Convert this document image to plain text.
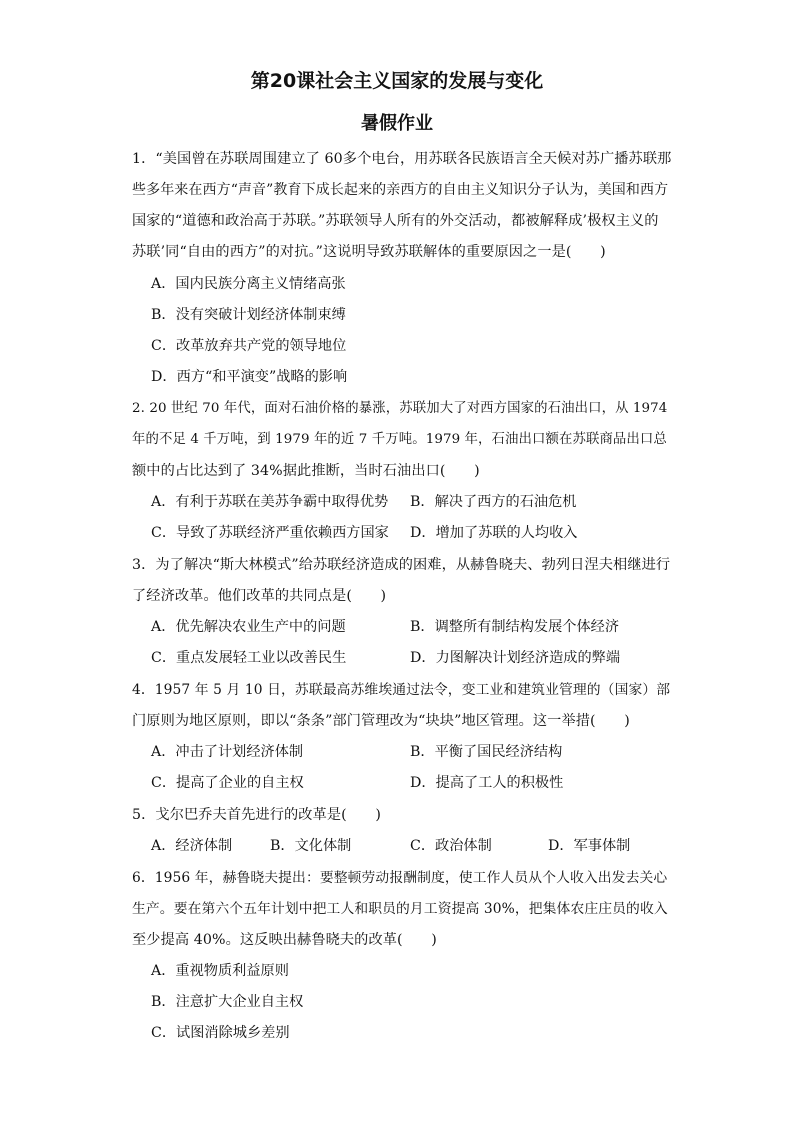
第20课社会主义国家的发展与变化
暑假作业
1．“美国曾在苏联周围建立了 60多个电台，用苏联各民族语言全天候对苏广播苏联那
些多年来在西方“声音”教育下成长起来的亲西方的自由主义知识分子认为，美国和西方
国家的“道德和政治高于苏联。”苏联领导人所有的外交活动，都被解释成’极权主义的
苏联’同“自由的西方”的对抗。”这说明导致苏联解体的重要原因之一是(　　)
A．国内民族分离主义情绪高张
B．没有突破计划经济体制束缚
C．改革放弃共产党的领导地位
D．西方“和平演变”战略的影响
2. 20 世纪 70 年代，面对石油价格的暴涨，苏联加大了对西方国家的石油出口，从 1974
年的不足 4 千万吨，到 1979 年的近 7 千万吨。1979 年，石油出口额在苏联商品出口总
额中的占比达到了 34%据此推断，当时石油出口(　　)
A．有利于苏联在美苏争霸中取得优势 B．解决了西方的石油危机
C．导致了苏联经济严重依赖西方国家 D．增加了苏联的人均收入
3．为了解决“斯大林模式”给苏联经济造成的困难，从赫鲁晓夫、勃列日涅夫相继进行
了经济改革。他们改革的共同点是(　　)
A．优先解决农业生产中的问题	B．调整所有制结构发展个体经济
C．重点发展轻工业以改善民生	D．力图解决计划经济造成的弊端
4．1957 年 5 月 10 日，苏联最高苏维埃通过法令，变工业和建筑业管理的（国家）部
门原则为地区原则，即以“条条”部门管理改为“块块”地区管理。这一举措(　　)
A．冲击了计划经济体制	B．平衡了国民经济结构
C．提高了企业的自主权	D．提高了工人的积极性
5．戈尔巴乔夫首先进行的改革是(　　)
A．经济体制	B．文化体制	C．政治体制	D．军事体制
6．1956 年，赫鲁晓夫提出：要整顿劳动报酬制度，使工作人员从个人收入出发去关心
生产。要在第六个五年计划中把工人和职员的月工资提高 30%，把集体农庄庄员的收入
至少提高 40%。这反映出赫鲁晓夫的改革(　　)
A．重视物质利益原则
B．注意扩大企业自主权
C．试图消除城乡差别
